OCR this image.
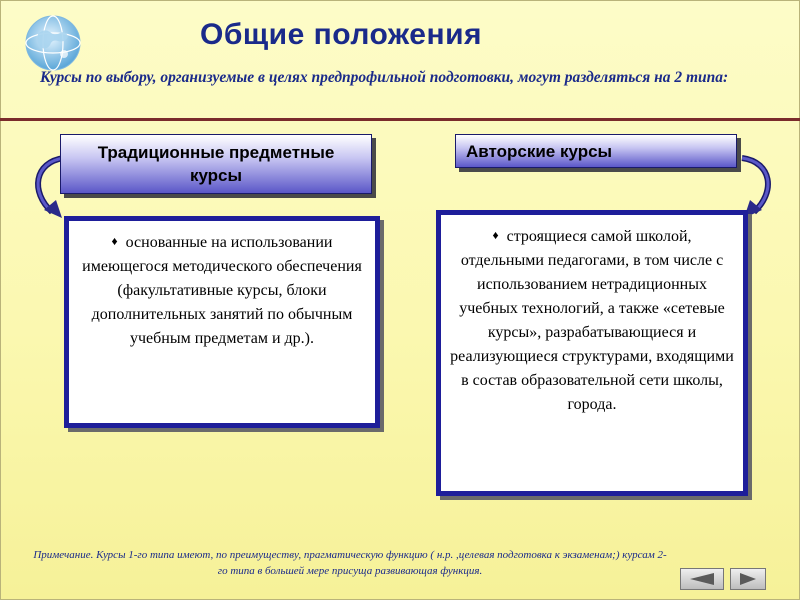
Общие положения
Курсы по выбору, организуемые в целях предпрофильной подготовки, могут разделяться на 2 типа:
Традиционные предметные курсы
Авторские курсы
♦ основанные на использовании имеющегося методического обеспечения (факультативные курсы, блоки дополнительных занятий по обычным учебным предметам и др.).
♦ строящиеся самой школой, отдельными педагогами, в том числе с использованием нетрадиционных учебных технологий, а также «сетевые курсы», разрабатывающиеся и реализующиеся структурами, входящими в состав образовательной сети школы, города.
Примечание. Курсы 1-го типа имеют, по преимуществу, прагматическую функцию ( н.р. ,целевая подготовка к экзаменам;) курсам 2-го типа в большей мере присуща развивающая функция.
